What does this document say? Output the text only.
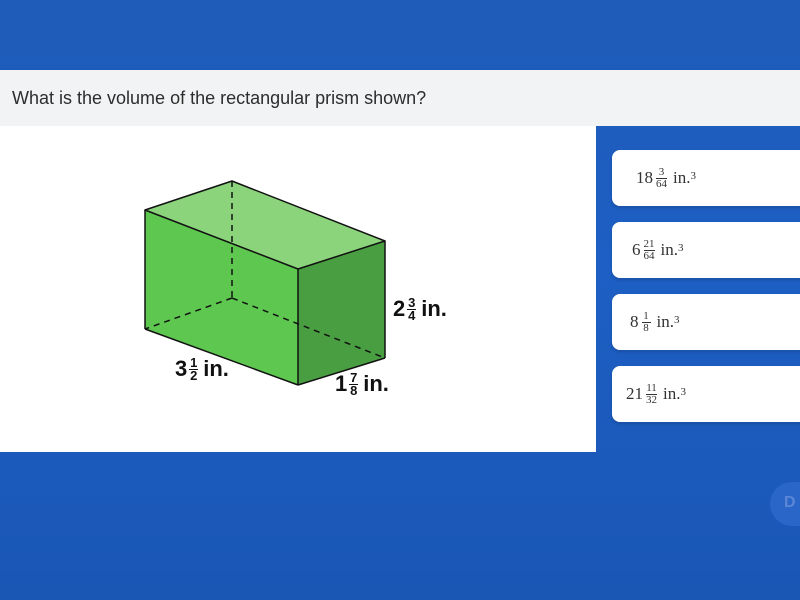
What is the volume of the rectangular prism shown?
$3 \frac{1}{2}$ in.
$1 \frac{7}{8}$ in.
$2 \frac{3}{4}$ in.
$18 \frac{3}{64} in.^3$
$6 \frac{21}{64} in.^3$
$8 \frac{1}{8} in.^3$
$21 \frac{11}{32} in.^3$
D
